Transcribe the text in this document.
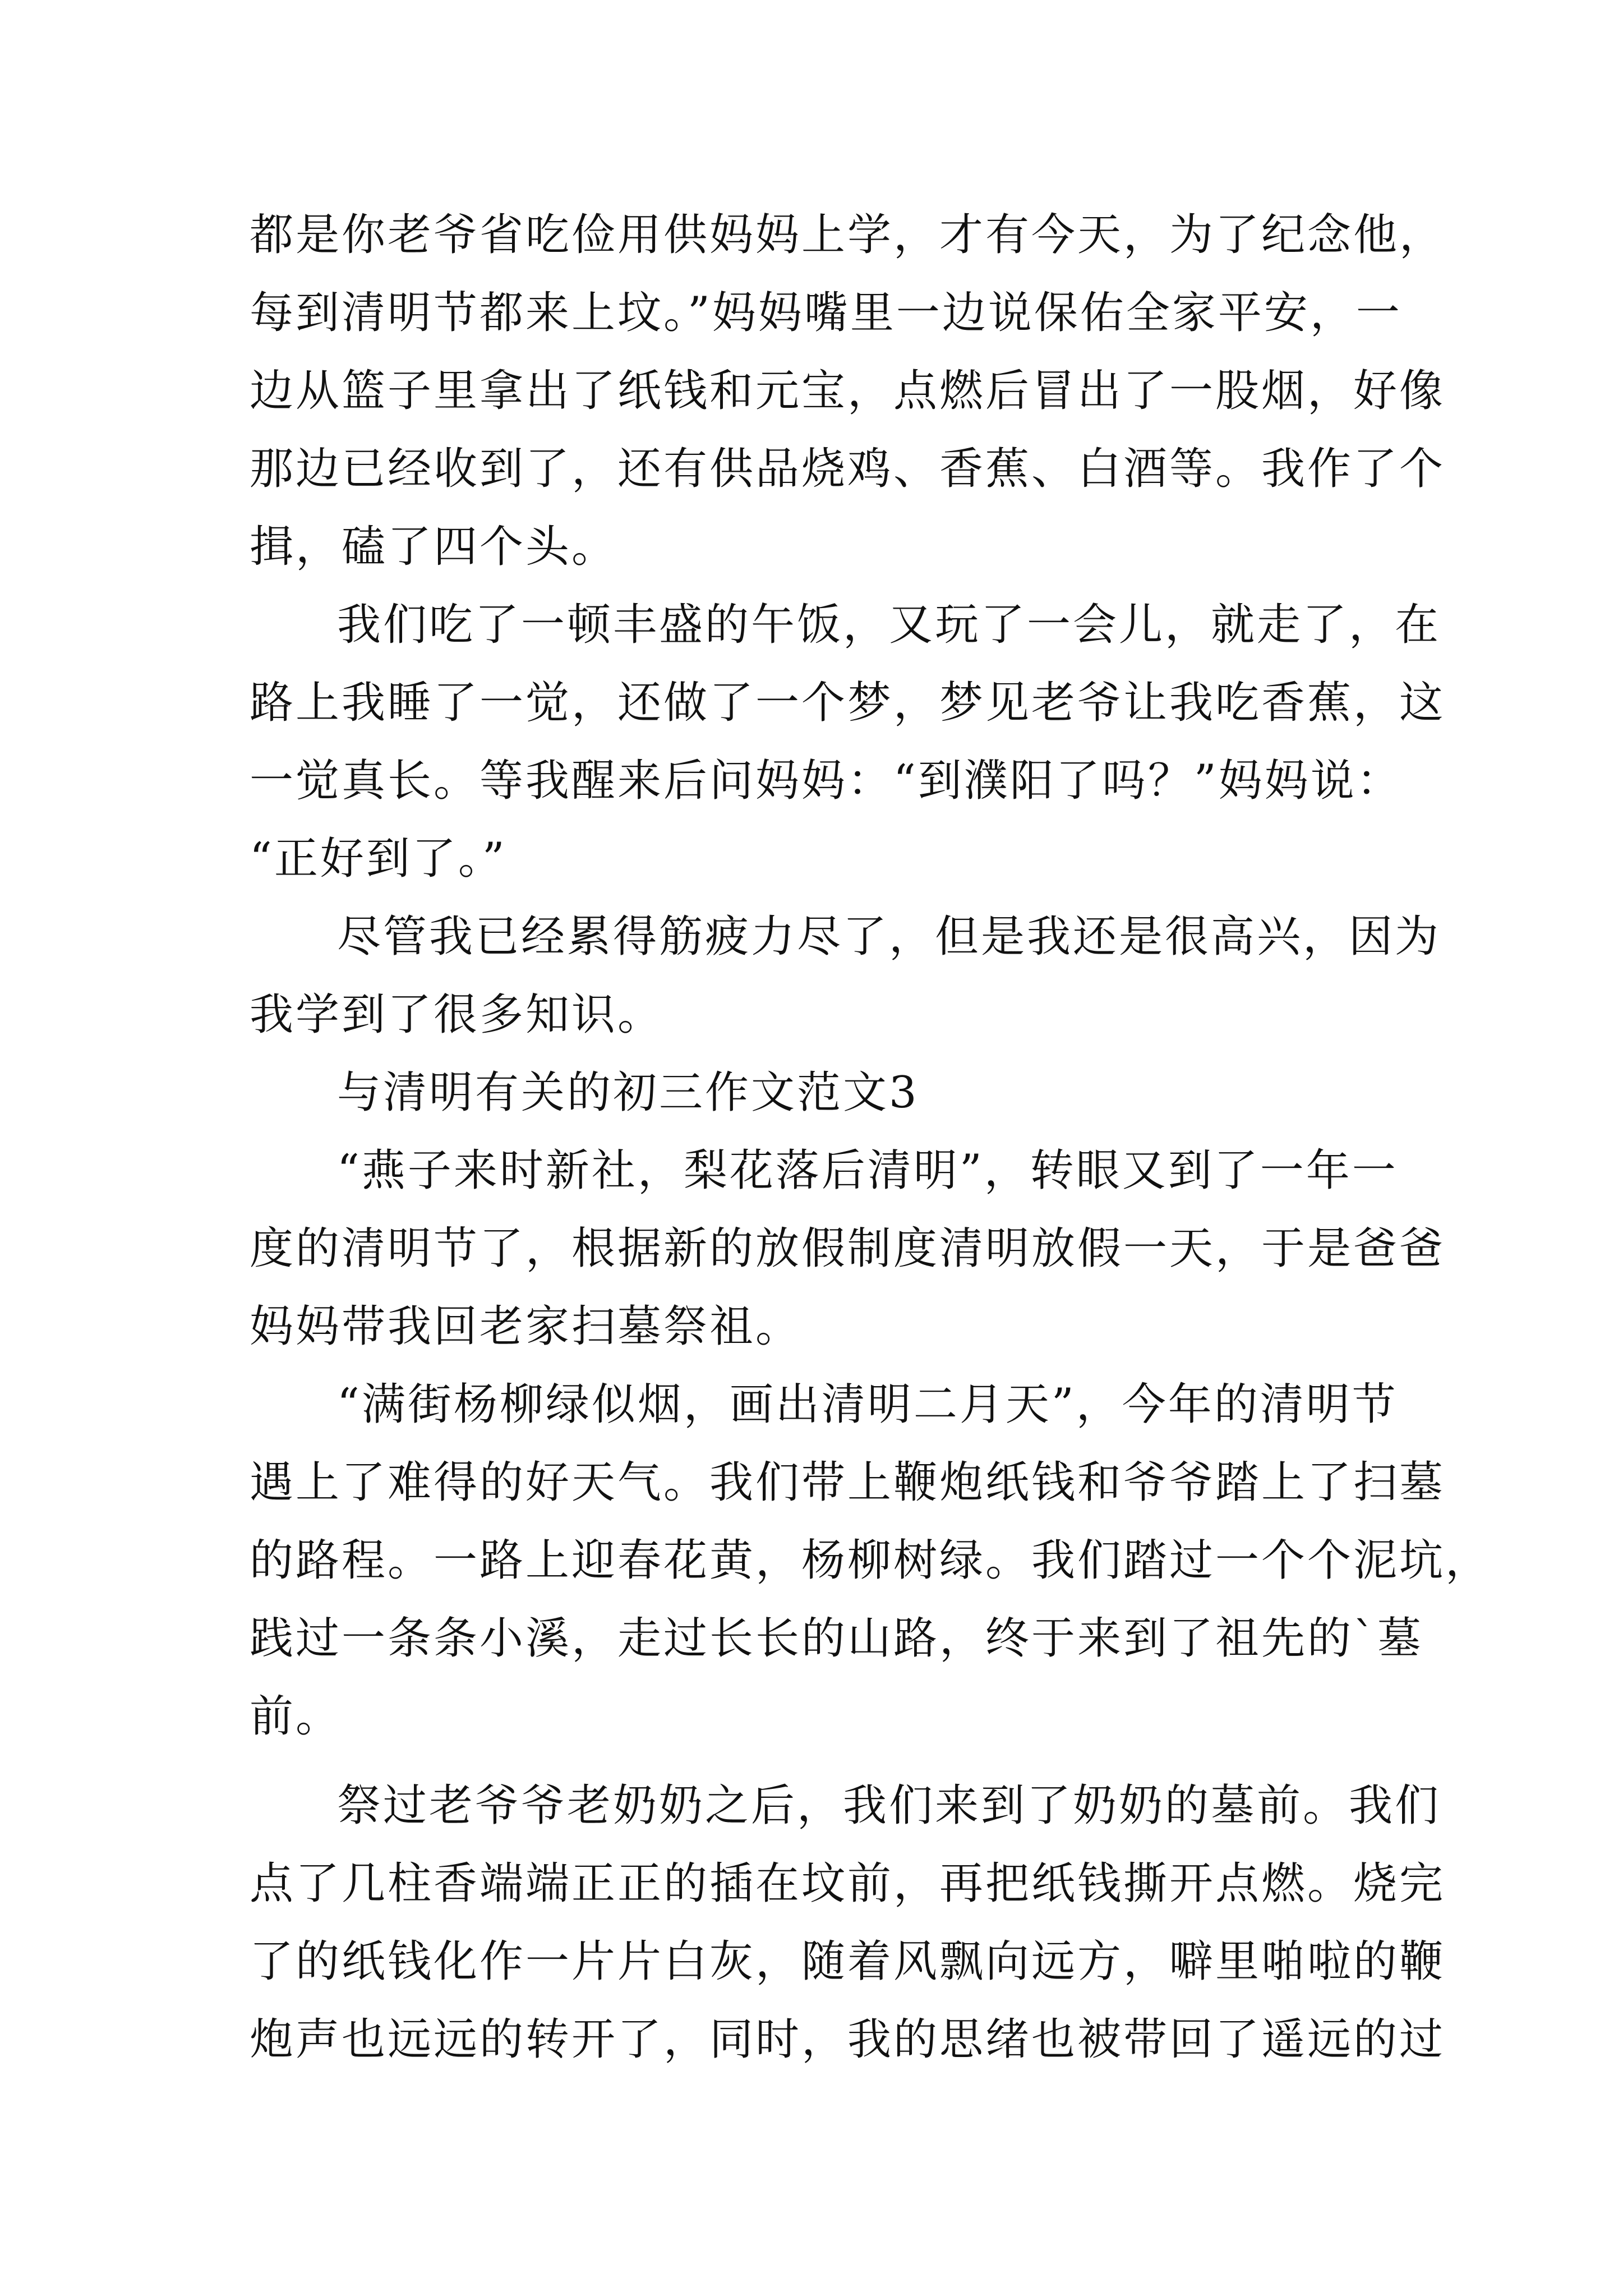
都是你老爷省吃俭用供妈妈上学，才有今天，为了纪念他，
每到清明节都来上坟。”妈妈嘴里一边说保佑全家平安，一
边从篮子里拿出了纸钱和元宝，点燃后冒出了一股烟，好像
那边已经收到了，还有供品烧鸡、香蕉、白酒等。我作了个
揖，磕了四个头。
我们吃了一顿丰盛的午饭，又玩了一会儿，就走了，在
路上我睡了一觉，还做了一个梦，梦见老爷让我吃香蕉，这
一觉真长。等我醒来后问妈妈：“到濮阳了吗？”妈妈说：
“正好到了。”
尽管我已经累得筋疲力尽了，但是我还是很高兴，因为
我学到了很多知识。
与清明有关的初三作文范文3
“燕子来时新社，梨花落后清明”，转眼又到了一年一
度的清明节了，根据新的放假制度清明放假一天，于是爸爸
妈妈带我回老家扫墓祭祖。
“满街杨柳绿似烟，画出清明二月天”，今年的清明节
遇上了难得的好天气。我们带上鞭炮纸钱和爷爷踏上了扫墓
的路程。一路上迎春花黄，杨柳树绿。我们踏过一个个泥坑，
践过一条条小溪，走过长长的山路，终于来到了祖先的`墓
前。
祭过老爷爷老奶奶之后，我们来到了奶奶的墓前。我们
点了几柱香端端正正的插在坟前，再把纸钱撕开点燃。烧完
了的纸钱化作一片片白灰，随着风飘向远方，噼里啪啦的鞭
炮声也远远的转开了，同时，我的思绪也被带回了遥远的过
